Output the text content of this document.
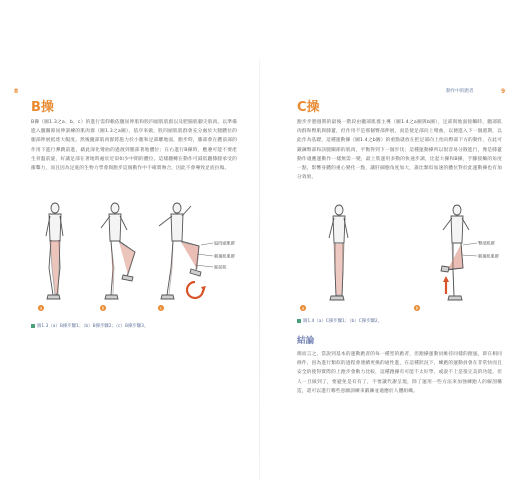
8
B操
B操（圖1.3之a、b、c）的進行需仰賴依髖屈伸肌和股四頭肌肌群以及肥腸肌腳尖肌肉。以準備進入髖關節屈伸訓練的肌肉群（圖1.3之a圖），依序來做，股四頭肌肌群會充分處於大腿體位的腿部伸展抵達大幅度。然後髖部肌肉群將施力於小腿和足部離地面，跑步時，膝部會在體前部的作用下進行彈跳前進，藉此深化彎曲的過渡到腿部著地體位；在右進行B操時，應遵可能不要產生骨盤前旋，好讓足部在著地時處於近似如少中期的體位。這樣翻轉在動作可減低翻膝腿承受的衝擊力，而且因為足底的生物力學會與跑步這個動作中不確實吻合，因此不會導致足底拉傷。
股四頭肌群
腿後肌肌群
脛前肌
a	b	c
圖1.3（a）B操步驟1；（b）B操步驟2；（c）B操步驟3。
動作中的跑者	9
C操
跑步步態週期的最後一階段由髖部肌群主導（圖1.4之a圖與b圖），足部與地面接觸時，髖部肌肉群和臀肌與膝蓋，但作用不是那個臀部伸展，而是使足部向上彎曲，以便進入下一個週期，以此作為基礎，這種運動操（圖1.4之b圖）的重點就放在把足部向上抬向臀部下方的動作，在此可鍛鍊臀部和該腿關節的肌肉，平衡得到下一個步伐；這種運動操所以很容易分散進行，像是膝蓋動作適應運動作一樣無需一變，最上肢運用多動的快速步調，比起大操和B操，手腳接觸的角度一點，影響身體的重心變化一點，讓肝細胞角度加大，誰比類似加速的體位對於此運動操也有加分效果。
臀部肌群
腿後肌肌群
a	b
圖1.4（a）C操步驟1；（b）C操步驟2。
結論
簡而言之，當說到基本的運動跑者的每一種型的跑者，但跑操運動員維持同樣的跑風，即在相同條件，因為進行類似的過程會連續更換的通性進，在這種狀況下，練跑的運動員會在非常快而且安全的使得實際的上跑步會動力比較，這種跑操有可能不太好學，或說不上是很完美的功能。但人一旦做到了，要避免是有有了，不要讓代謝呈現，除了運用一些方法來加強練跑人的解剖構造，還可以進行哪些意願訓練來鍛鍊並適應於人體組織。
